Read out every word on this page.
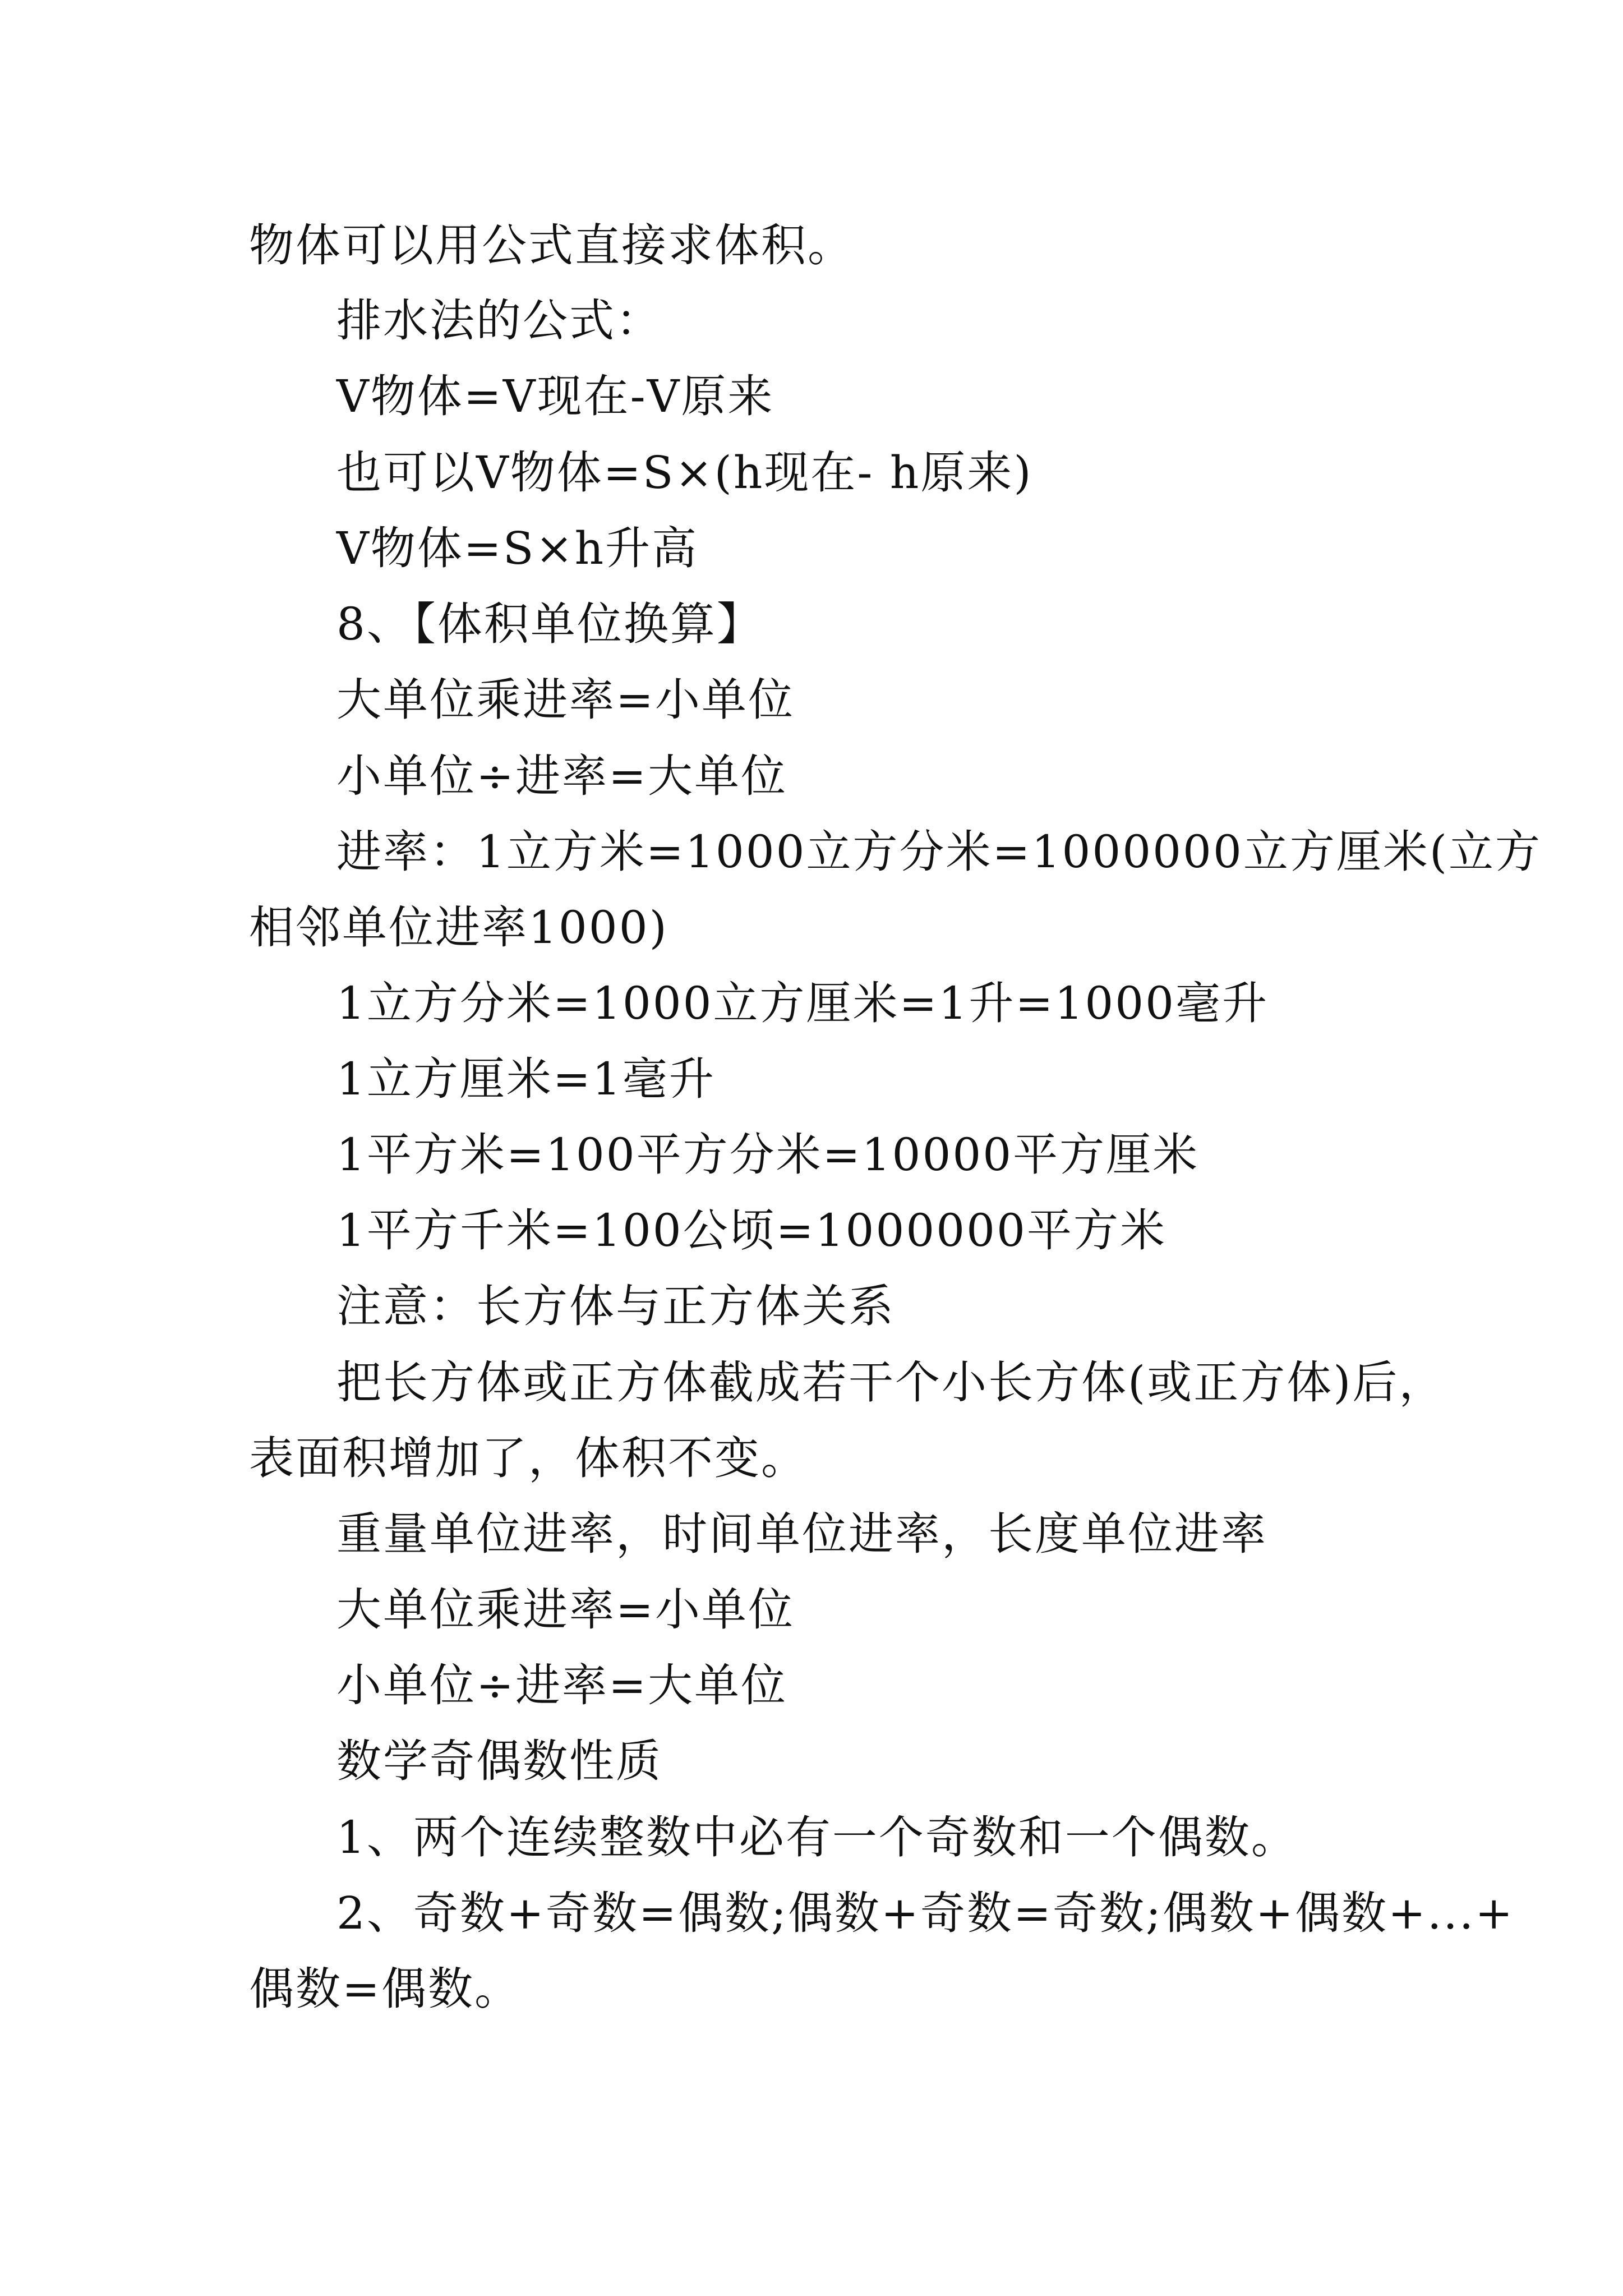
物体可以用公式直接求体积。
排水法的公式：
V物体=V现在-V原来
也可以V物体=S×(h现在- h原来)
V物体=S×h升高
8、【体积单位换算】
大单位乘进率=小单位
小单位÷进率=大单位
进率：1立方米=1000立方分米=1000000立方厘米(立方
相邻单位进率1000)
1立方分米=1000立方厘米=1升=1000毫升
1立方厘米=1毫升
1平方米=100平方分米=10000平方厘米
1平方千米=100公顷=1000000平方米
注意：长方体与正方体关系
把长方体或正方体截成若干个小长方体(或正方体)后，
表面积增加了，体积不变。
重量单位进率，时间单位进率，长度单位进率
大单位乘进率=小单位
小单位÷进率=大单位
数学奇偶数性质
1、两个连续整数中必有一个奇数和一个偶数。
2、奇数+奇数=偶数;偶数+奇数=奇数;偶数+偶数+...+
偶数=偶数。
